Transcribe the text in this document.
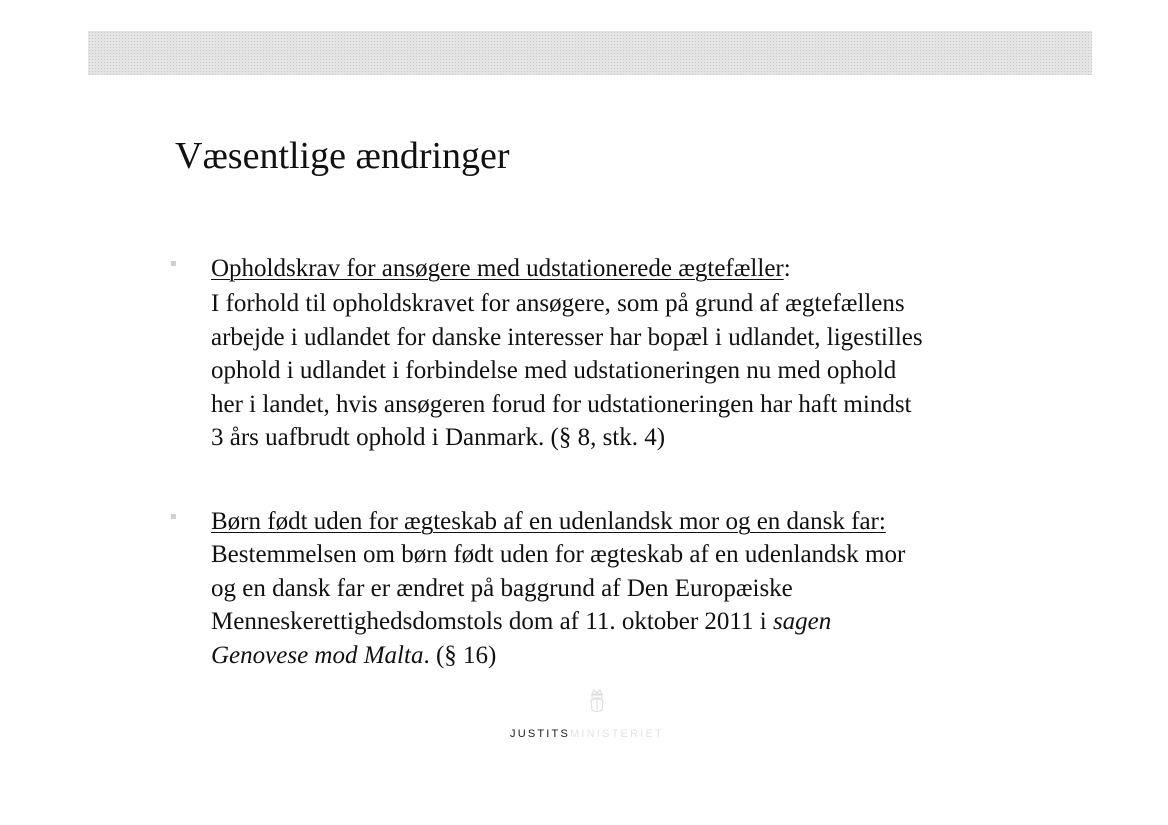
Væsentlige ændringer
▪ Opholdskrav for ansøgere med udstationerede ægtefæller:

I forhold til opholdskravet for ansøgere, som på grund af ægtefællens
arbejde i udlandet for danske interesser har bopæl i udlandet, ligestilles
ophold i udlandet i forbindelse med udstationeringen nu med ophold
her i landet, hvis ansøgeren forud for udstationeringen har haft mindst
3 års uafbrudt ophold i Danmark. (§ 8, stk. 4)

▪ Børn født uden for ægteskab af en udenlandsk mor og en dansk far:

Bestemmelsen om børn født uden for ægteskab af en udenlandsk mor
og en dansk far er ændret på baggrund af Den Europæiske
Menneskerettighedsdomstols dom af 11. oktober 2011 i sagen
Genovese mod Malta. (§ 16)

JUSTITSMINISTERIET
